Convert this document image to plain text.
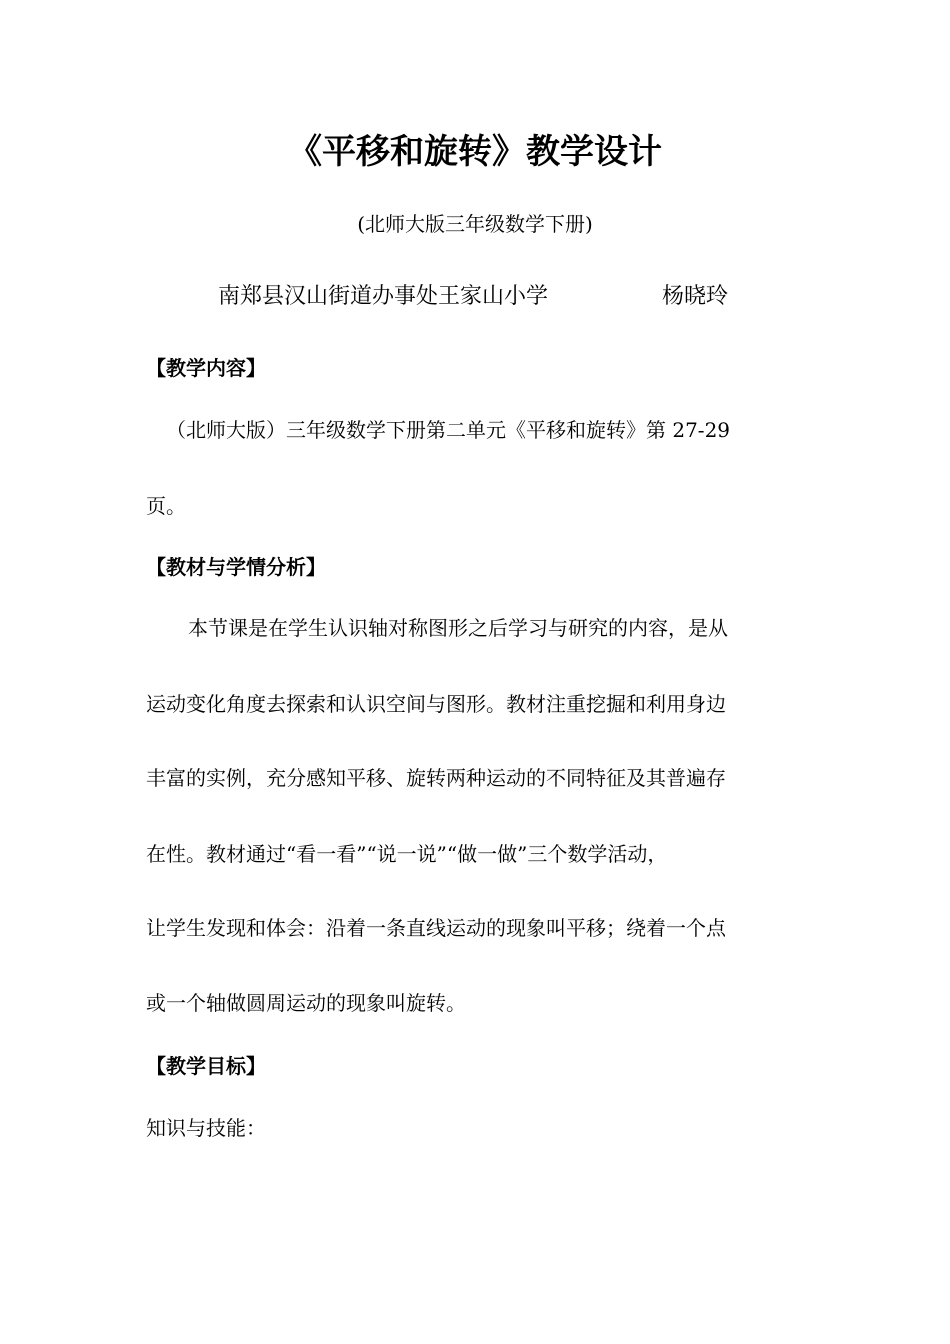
《平移和旋转》教学设计
(北师大版三年级数学下册)
南郑县汉山街道办事处王家山小学	杨晓玲
【教学内容】
（北师大版）三年级数学下册第二单元《平移和旋转》第 27-29
页。
【教材与学情分析】
本节课是在学生认识轴对称图形之后学习与研究的内容，是从
运动变化角度去探索和认识空间与图形。教材注重挖掘和利用身边
丰富的实例，充分感知平移、旋转两种运动的不同特征及其普遍存
在性。教材通过“看一看”“说一说”“做一做”三个数学活动，
让学生发现和体会：沿着一条直线运动的现象叫平移；绕着一个点
或一个轴做圆周运动的现象叫旋转。
【教学目标】
知识与技能：
